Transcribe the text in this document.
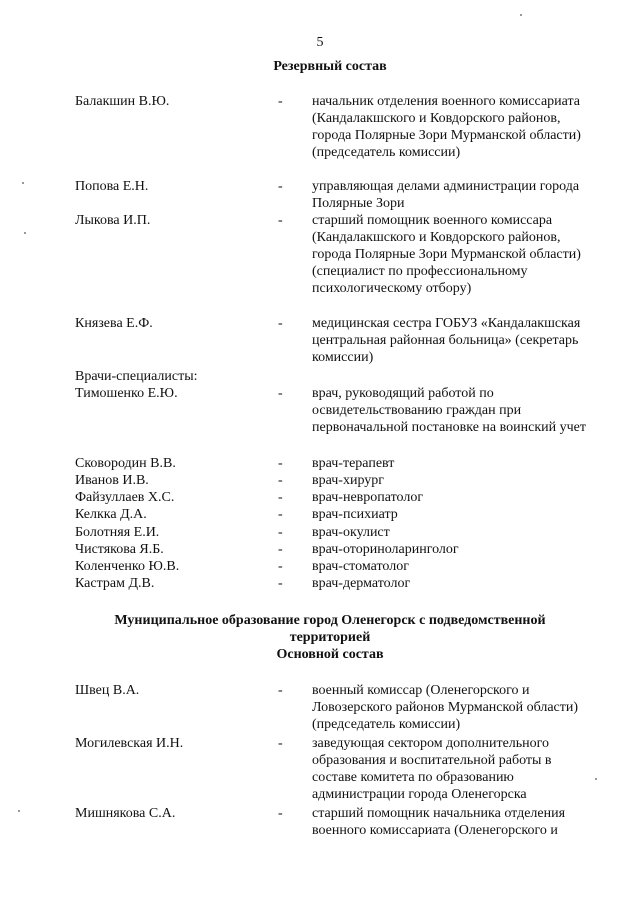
5
Резервный состав
Балакшин В.Ю.	- начальник отделения военного комиссариата (Кандалакшского и Ковдорского районов, города Полярные Зори Мурманской области) (председатель комиссии)
Попова Е.Н.	- управляющая делами администрации города Полярные Зори
Лыкова И.П.	- старший помощник военного комиссара (Кандалакшского и Ковдорского районов, города Полярные Зори Мурманской области) (специалист по профессиональному психологическому отбору)
Князева Е.Ф.	- медицинская сестра ГОБУЗ «Кандалакшская центральная районная больница» (секретарь комиссии)
Врачи-специалисты:
Тимошенко Е.Ю.	- врач, руководящий работой по освидетельствованию граждан при первоначальной постановке на воинский учет
Сковородин В.В.	- врач-терапевт
Иванов И.В.	- врач-хирург
Файзуллаев Х.С.	- врач-невропатолог
Келкка Д.А.	- врач-психиатр
Болотняя Е.И.	- врач-окулист
Чистякова Я.Б.	- врач-оториноларинголог
Коленченко Ю.В.	- врач-стоматолог
Кастрам Д.В.	- врач-дерматолог
Муниципальное образование город Оленегорск с подведомственной
территорией
Основной состав
Швец В.А.	- военный комиссар (Оленегорского и Ловозерского районов Мурманской области) (председатель комиссии)
Могилевская И.Н.	- заведующая сектором дополнительного образования и воспитательной работы в составе комитета по образованию администрации города Оленегорска
Мишнякова С.А.	- старший помощник начальника отделения военного комиссариата (Оленегорского и
